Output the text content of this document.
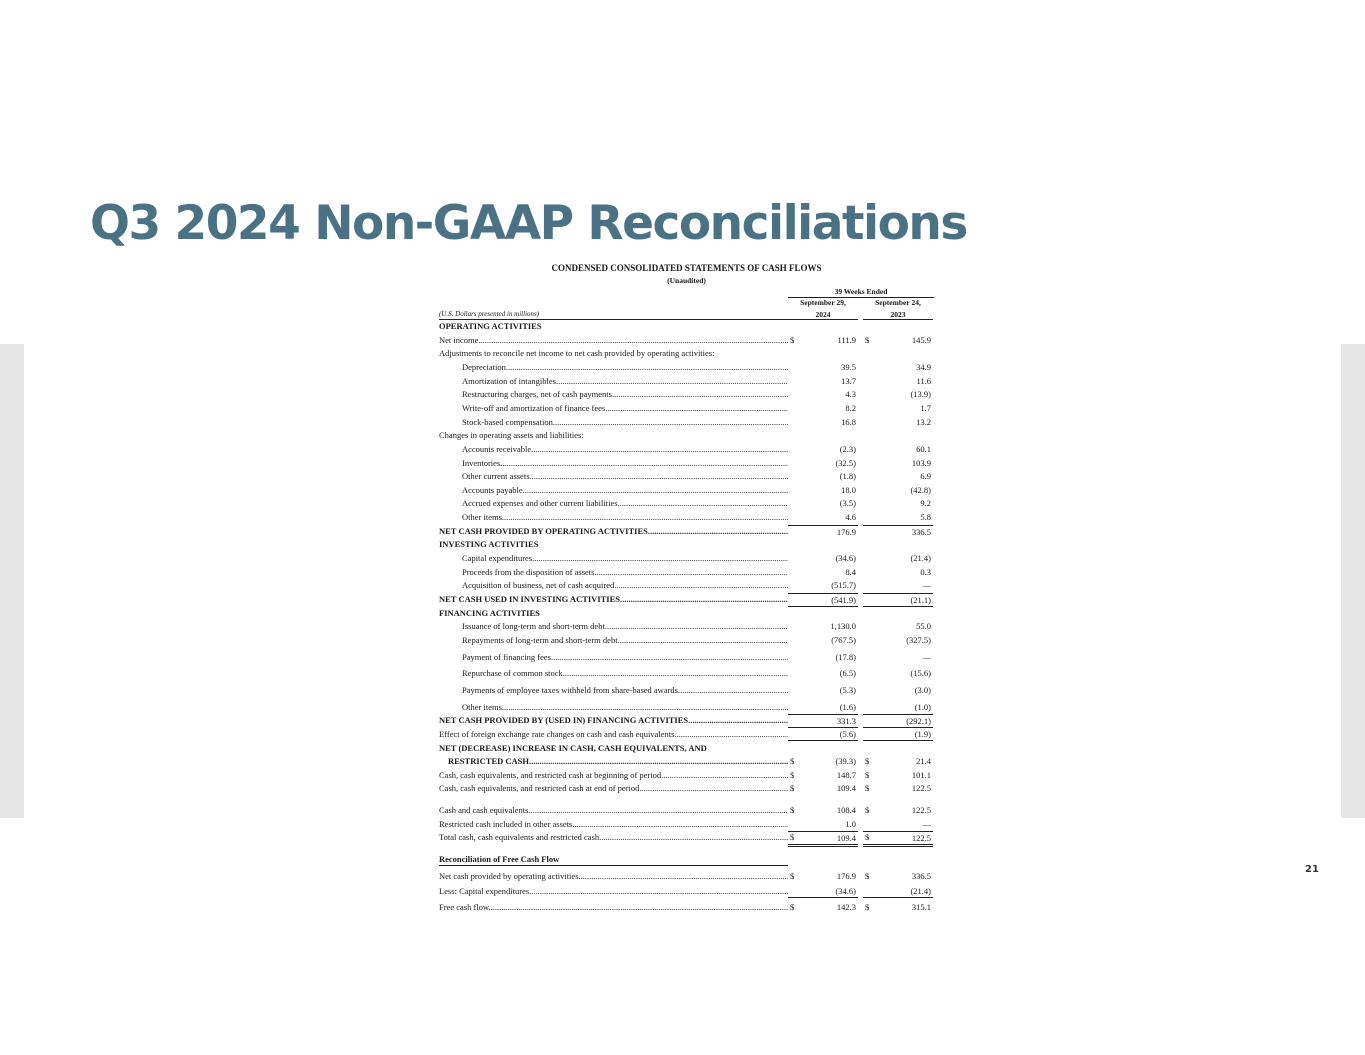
Q3 2024 Non-GAAP Reconciliations
CONDENSED CONSOLIDATED STATEMENTS OF CASH FLOWS
(Unaudited)
39 Weeks Ended
September 29,	September 24,
(U.S. Dollars presented in millions)	2024	2023
OPERATING ACTIVITIES
Net income .....	111.9	145.9
$	$
Adjustments to reconcile net income to net cash provided by operating activities:
Depreciation .....	39.5	34.9
Amortization of intangibles .....	13.7	11.6
Restructuring charges, net of cash payments .....	4.3	(13.9)
Write-off and amortization of finance fees .....	8.2	1.7
Stock-based compensation .....	16.8	13.2
Changes in operating assets and liabilities:
Accounts receivable .....	(2.3)	60.1
Inventories .....	(32.5)	103.9
Other current assets .....	(1.8)	6.9
Accounts payable .....	18.0	(42.8)
Accrued expenses and other current liabilities .....	(3.5)	9.2
Other items .....	4.6	5.8
NET CASH PROVIDED BY OPERATING ACTIVITIES .....	176.9	336.5
INVESTING ACTIVITIES
Capital expenditures .....	(34.6)	(21.4)
Proceeds from the disposition of assets .....	8.4	0.3
Acquisition of business, net of cash acquired .....	(515.7)	—
NET CASH USED IN INVESTING ACTIVITIES .....	(541.9)	(21.1)
FINANCING ACTIVITIES
Issuance of long-term and short-term debt .....	1,130.0	55.0
Repayments of long-term and short-term debt .....	(767.5)	(327.5)
Payment of financing fees .....	(17.8)	—
Repurchase of common stock .....	(6.5)	(15.6)
Payments of employee taxes withheld from share-based awards .....	(5.3)	(3.0)
Other items .....	(1.6)	(1.0)
NET CASH PROVIDED BY (USED IN) FINANCING ACTIVITIES .....	331.3	(292.1)
Effect of foreign exchange rate changes on cash and cash equivalents .....	(5.6)	(1.9)
NET (DECREASE) INCREASE IN CASH, CASH EQUIVALENTS, AND
RESTRICTED CASH .....	(39.3)	21.4
$	$
Cash, cash equivalents, and restricted cash at beginning of period .....	148.7	101.1
$	$
Cash, cash equivalents, and restricted cash at end of period .....	109.4	122.5
$	$
Cash and cash equivalents .....	108.4	122.5
$	$
Restricted cash included in other assets .....	1.0	—
Total cash, cash equivalents and restricted cash .....	109.4	122.5
$	$
Reconciliation of Free Cash Flow
Net cash provided by operating activities .....	176.9	336.5
$	$
Less: Capital expenditures .....	(34.6)	(21.4)
Free cash flow .....	142.3	315.1
$	$
21
